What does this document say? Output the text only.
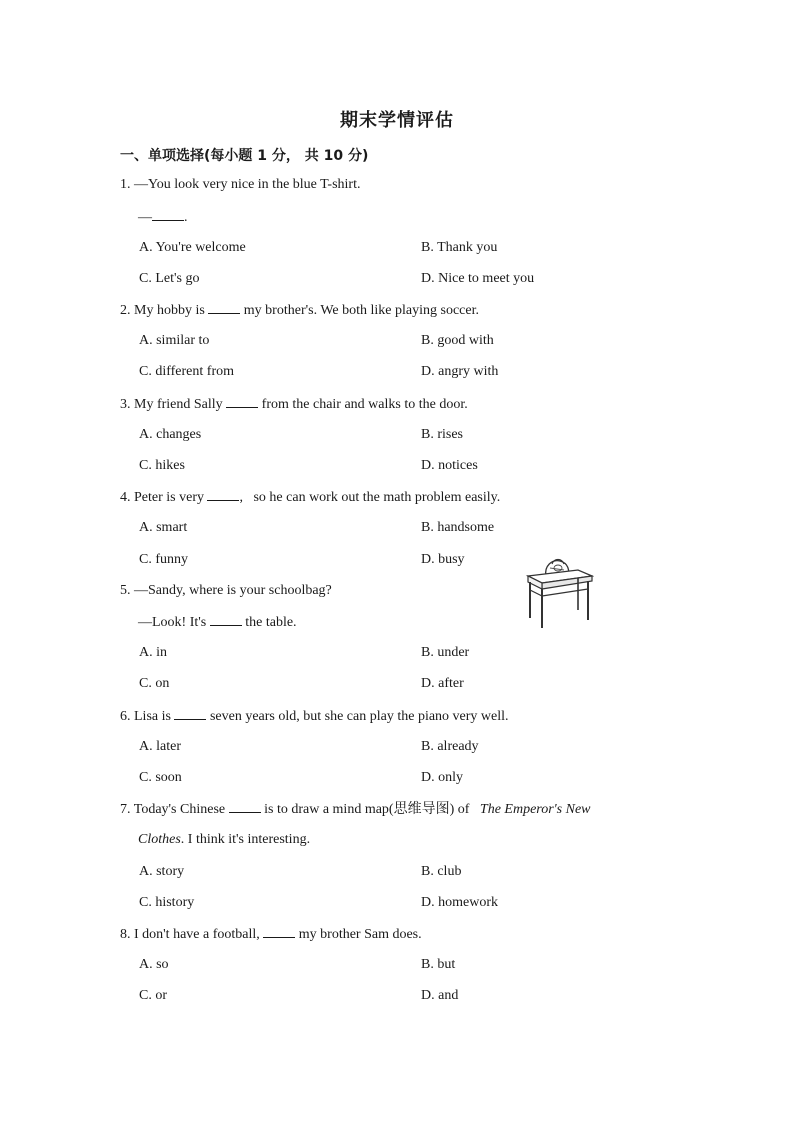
期末学情评估
一、单项选择(每小题 1 分， 共 10 分)
1. —You look very nice in the blue T-shirt.
— .
A. You're welcome	B. Thank you
C. Let's go	D. Nice to meet you
2. My hobby is  my brother's. We both like playing soccer.
A. similar to	B. good with
C. different from	D. angry with
3. My friend Sally  from the chair and walks to the door.
A. changes	B. rises
C. hikes	D. notices
4. Peter is very ,   so he can work out the math problem easily.
A. smart	B. handsome
C. funny	D. busy
5. —Sandy, where is your schoolbag?
—Look! It's  the table.
A. in	B. under
C. on	D. after
6. Lisa is  seven years old, but she can play the piano very well.
A. later	B. already
C. soon	D. only
7. Today's Chinese  is to draw a mind map(思维导图) of   The Emperor's New
Clothes. I think it's interesting.
A. story	B. club
C. history	D. homework
8. I don't have a football,  my brother Sam does.
A. so	B. but
C. or	D. and
